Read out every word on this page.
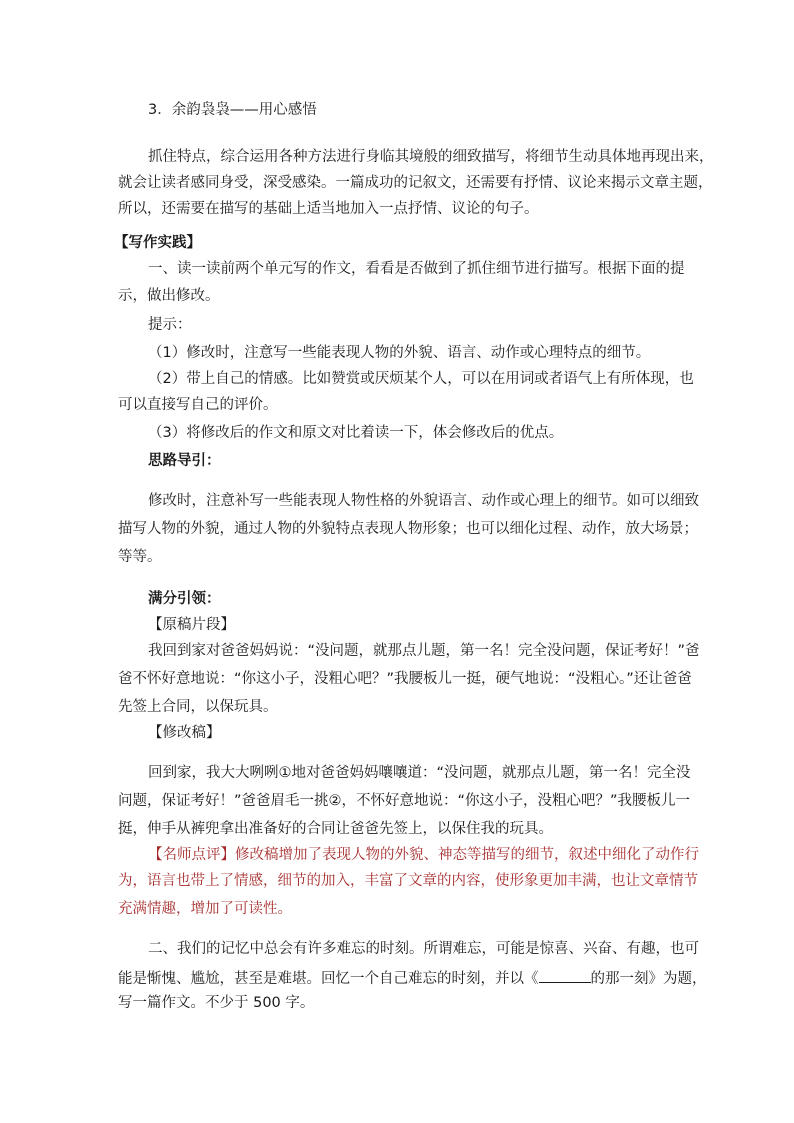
3．余韵袅袅——用心感悟

抓住特点，综合运用各种方法进行身临其境般的细致描写，将细节生动具体地再现出来，

就会让读者感同身受，深受感染。一篇成功的记叙文，还需要有抒情、议论来揭示文章主题，

所以，还需要在描写的基础上适当地加入一点抒情、议论的句子。

【写作实践】

一、读一读前两个单元写的作文，看看是否做到了抓住细节进行描写。根据下面的提

示，做出修改。

提示：

（1）修改时，注意写一些能表现人物的外貌、语言、动作或心理特点的细节。

（2）带上自己的情感。比如赞赏或厌烦某个人，可以在用词或者语气上有所体现，也

可以直接写自己的评价。

（3）将修改后的作文和原文对比着读一下，体会修改后的优点。

思路导引：

修改时，注意补写一些能表现人物性格的外貌语言、动作或心理上的细节。如可以细致

描写人物的外貌，通过人物的外貌特点表现人物形象；也可以细化过程、动作，放大场景；

等等。

满分引领：

【原稿片段】

我回到家对爸爸妈妈说：“没问题，就那点儿题，第一名！完全没问题，保证考好！”爸

爸不怀好意地说：“你这小子，没粗心吧？”我腰板儿一挺，硬气地说：“没粗心。”还让爸爸

先签上合同，以保玩具。

【修改稿】

回到家，我大大咧咧①地对爸爸妈妈嚷嚷道：“没问题，就那点儿题，第一名！完全没

问题，保证考好！”爸爸眉毛一挑②，不怀好意地说：“你这小子，没粗心吧？”我腰板儿一

挺，伸手从裤兜拿出准备好的合同让爸爸先签上，以保住我的玩具。

【名师点评】修改稿增加了表现人物的外貌、神态等描写的细节，叙述中细化了动作行

为，语言也带上了情感，细节的加入，丰富了文章的内容，使形象更加丰满，也让文章情节

充满情趣，增加了可读性。

二、我们的记忆中总会有许多难忘的时刻。所谓难忘，可能是惊喜、兴奋、有趣，也可

能是惭愧、尴尬，甚至是难堪。回忆一个自己难忘的时刻，并以《	的那一刻》为题，

写一篇作文。不少于 500 字。
